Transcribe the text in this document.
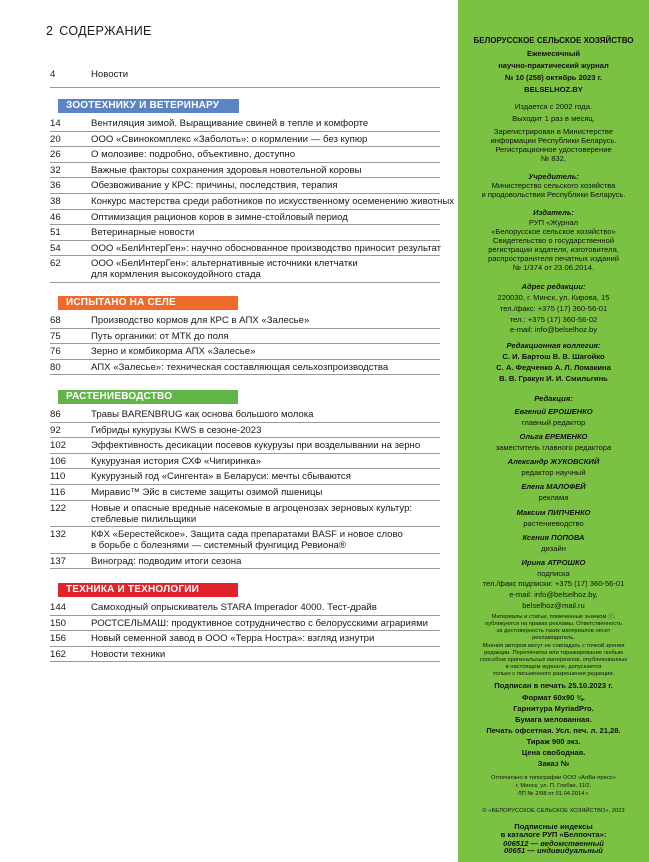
2 СОДЕРЖАНИЕ
4	Новости
ЗООТЕХНИКУ И ВЕТЕРИНАРУ
14	Вентиляция зимой. Выращивание свиней в тепле и комфорте
20	ООО «Свинокомплекс «Заболоть»: о кормлении — без купюр
26	О молозиве: подробно, объективно, доступно
32	Важные факторы сохранения здоровья новотельной коровы
36	Обезвоживание у КРС: причины, последствия, терапия
38	Конкурс мастерства среди работников по искусственному осеменению животных
46	Оптимизация рационов коров в зимне-стойловый период
51	Ветеринарные новости
54	ООО «БелИнтерГен»: научно обоснованное производство приносит результат
62	ООО «БелИнтерГен»: альтернативные источники клетчатки
для кормления высокоудойного стада
ИСПЫТАНО НА СЕЛЕ
68	Производство кормов для КРС в АПХ «Залесье»
75	Путь органики: от МТК до поля
76	Зерно и комбикорма АПХ «Залесье»
80	АПХ «Залесье»: техническая составляющая сельхозпроизводства
РАСТЕНИЕВОДСТВО
86	Травы BARENBRUG как основа большого молока
92	Гибриды кукурузы KWS в сезоне-2023
102	Эффективность десикации посевов кукурузы при возделывании на зерно
106	Кукурузная история СХФ «Чигиринка»
110	Кукурузный год «Сингента» в Беларуси: мечты сбываются
116	Миравис™ Эйс в системе защиты озимой пшеницы
122	Новые и опасные вредные насекомые в агроценозах зерновых культур:
стеблевые пилильщики
132	КФХ «Берестейское». Защита сада препаратами BASF и новое слово
в борьбе с болезнями — системный фунгицид Ревиона®
137	Виноград: подводим итоги сезона
ТЕХНИКА И ТЕХНОЛОГИИ
144	Самоходный опрыскиватель STARA Imperador 4000. Тест-драйв
150	РОСТСЕЛЬМАШ: продуктивное сотрудничество с белорусскими аграриями
156	Новый семенной завод в ООО «Терра Нострa»: взгляд изнутри
162	Новости техники
БЕЛОРУССКОЕ СЕЛЬСКОЕ ХОЗЯЙСТВО
Ежемесячный
научно-практический журнал
№ 10 (258) октябрь 2023 г.
BELSELHOZ.BY
Издается с 2002 года.
Выходит 1 раз в месяц.
Зарегистрирован в Министерстве
информации Республики Беларусь.
Регистрационное удостоверение
№ 832.
Учредитель:
Министерство сельского хозяйства
и продовольствия Республики Беларусь.
Издатель:
РУП «Журнал
«Белорусское сельское хозяйство»
Свидетельство о государственной
регистрации издателя, изготовителя,
распространителя печатных изданий
№ 1/374 от 23.06.2014.
Адрес редакции:
220030, г. Минск, ул. Кирова, 15
тел./факс: +375 (17) 360-56-01
тел.: +375 (17) 360-56-02
e-mail: info@belselhoz.by
Редакционная коллегия:
С. И. Бартош В. В. Шагойко
С. А. Федченко А. Л. Ломакина
В. В. Гракун И. И. Смильгинь
Редакция:
Евгений ЕРОШЕНКО
главный редактор
Ольга ЕРЕМЕНКО
заместитель главного редактора
Александр ЖУКОВСКИЙ
редактор научный
Елена МАЛОФЕЙ
реклама
Максим ПИПЧЕНКО
растениеводство
Ксения ПОПОВА
дизайн
Ирина АТРОШКО
подписка
тел./факс подписки: +375 (17) 360-56-01
e-mail: info@belselhoz.by,
belselhoz@mail.ru
Материалы и статьи, помеченные значком ⓡ,
публикуются на правах рекламы. Ответственность
за достоверность таких материалов несет
рекламодатель.
Мнения авторов могут не совпадать с точкой зрения
редакции. Перепечатка или тиражирование любым
способом оригинальных материалов, опубликованных
в настоящем журнале, допускается
только с письменного разрешения редакции.
Подписан в печать 25.10.2023 г.
Формат 60х90 ⅛.
Гарнитура MyriadPro.
Бумага мелованная.
Печать офсетная. Усл. печ. л. 21,28.
Тираж 900 экз.
Цена свободная.
Заказ №
Отпечатано в типографии ООО «АлВи-пресс»
г. Минск, ул. П. Глебки, 11/2.
ЛП № 2/98 от 01.04.2014 г.
© «БЕЛОРУССКОЕ СЕЛЬСКОЕ ХОЗЯЙСТВО», 2023
Подписные индексы
в каталоге РУП «Белпочта»:
006512 — ведомственный
00651 — индивидуальный
